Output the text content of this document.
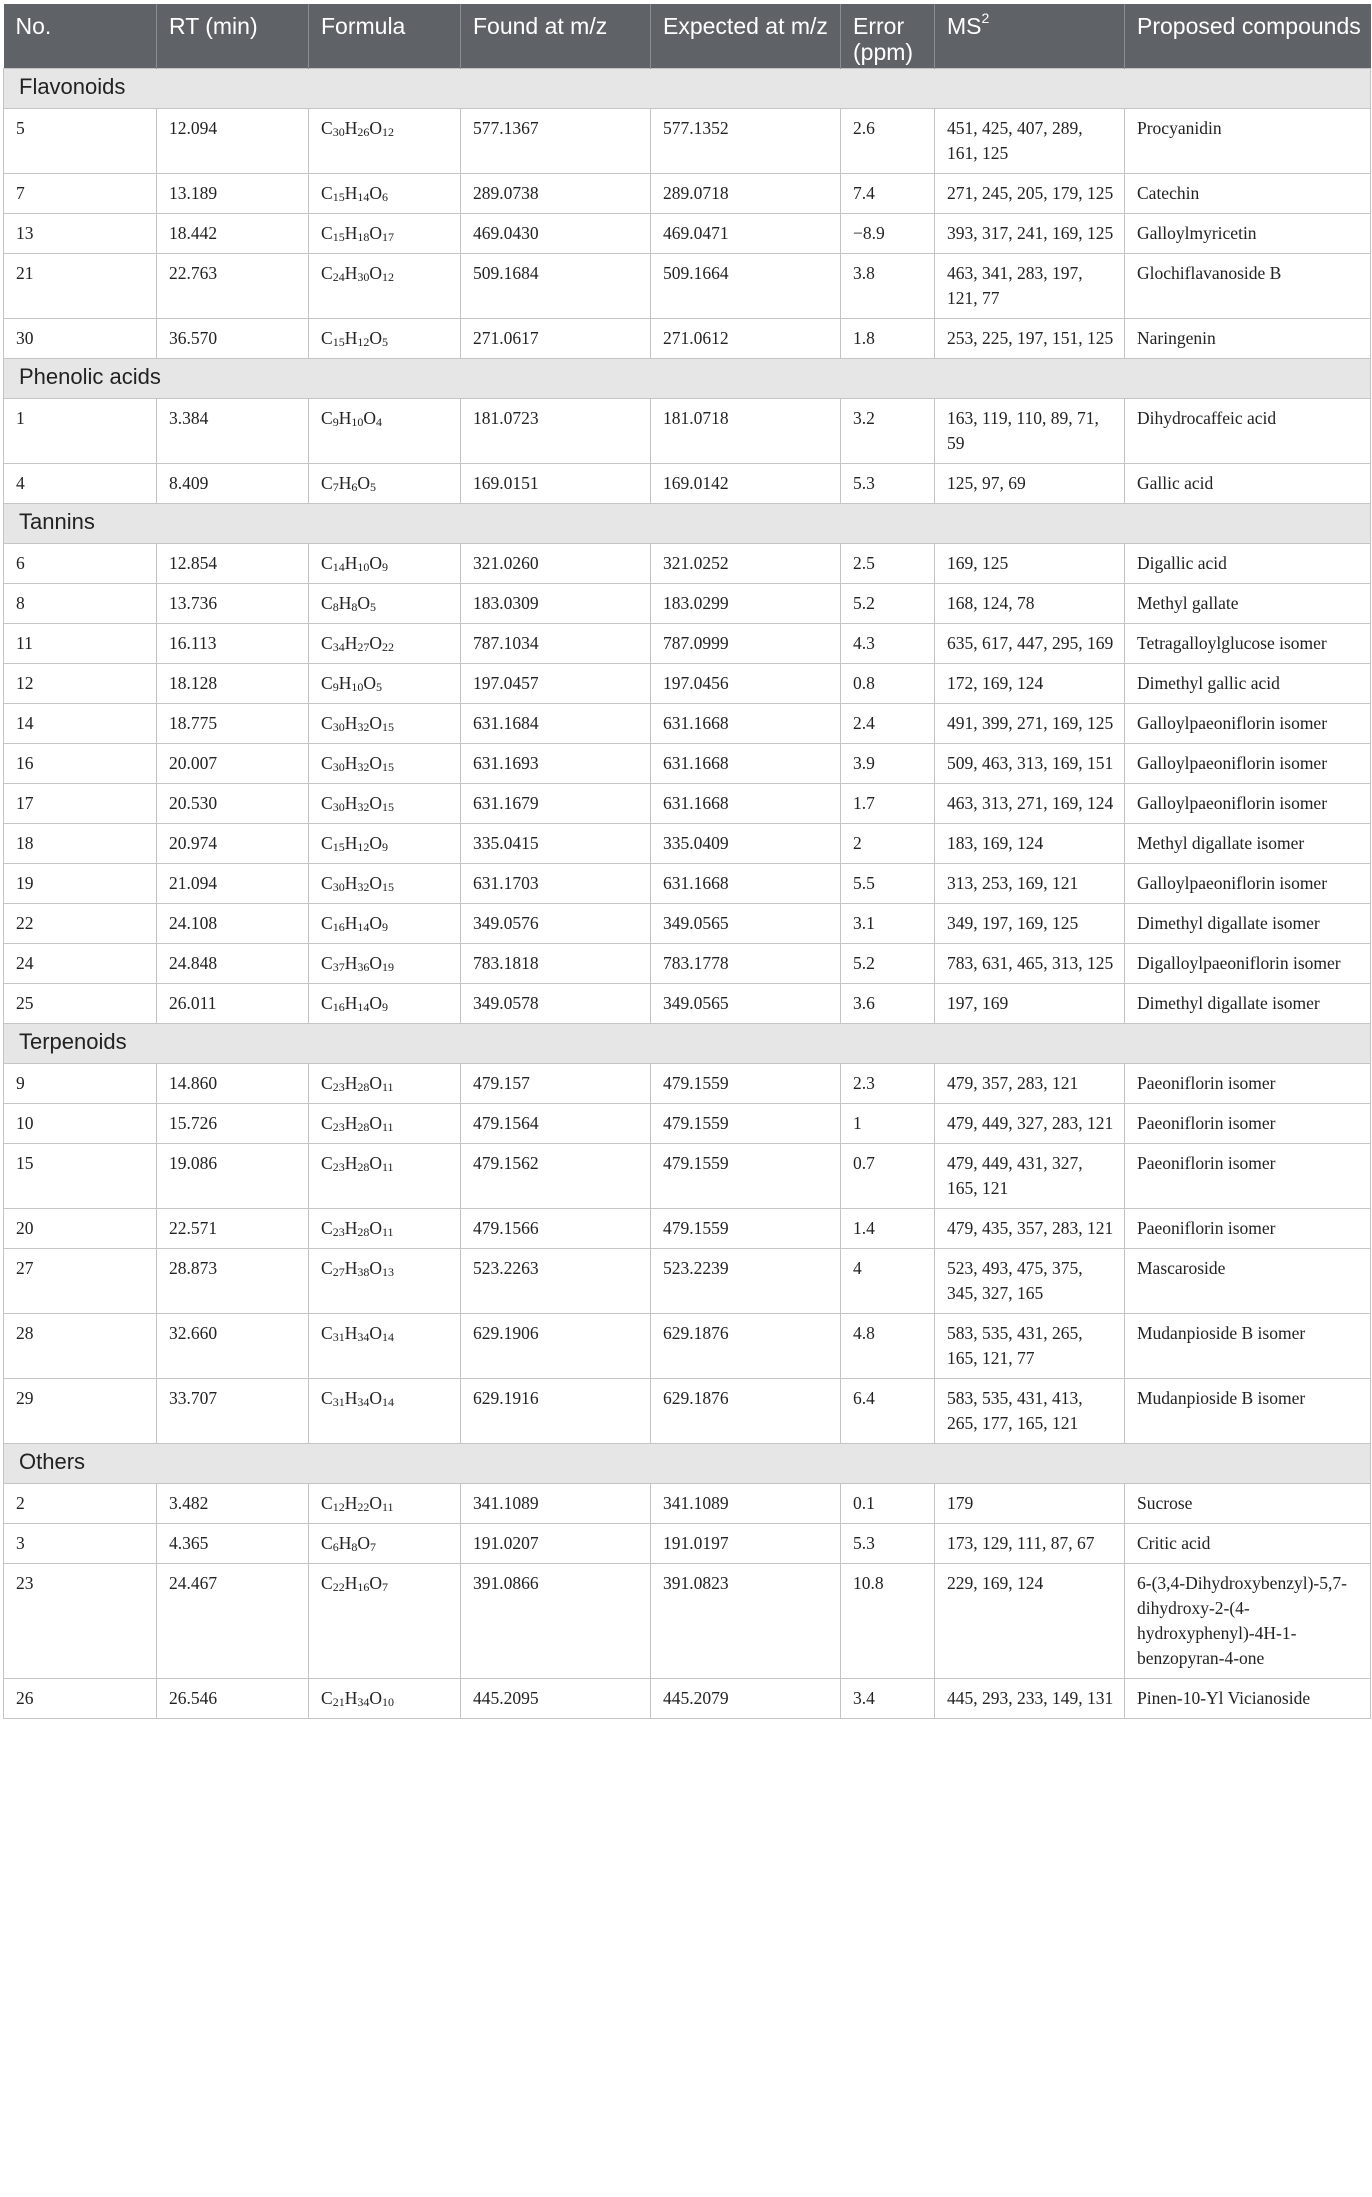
No.	RT (min)	Formula	Found at m/z	Expected at m/z	Error (ppm)	$MS^2$	Proposed compounds
Flavonoids							
5	12.094	$C_{30}H_{26}O_{12}$	577.1367	577.1352	2.6	451, 425, 407, 289, 161, 125	Procyanidin
7	13.189	$C_{15}H_{14}O_6$	289.0738	289.0718	7.4	271, 245, 205, 179, 125	Catechin
13	18.442	$C_{15}H_{18}O_{17}$	469.0430	469.0471	−8.9	393, 317, 241, 169, 125	Galloylmyricetin
21	22.763	$C_{24}H_{30}O_{12}$	509.1684	509.1664	3.8	463, 341, 283, 197, 121, 77	Glochiflavanoside B
30	36.570	$C_{15}H_{12}O_5$	271.0617	271.0612	1.8	253, 225, 197, 151, 125	Naringenin
Phenolic acids							
1	3.384	$C_9H_{10}O_4$	181.0723	181.0718	3.2	163, 119, 110, 89, 71, 59	Dihydrocaffeic acid
4	8.409	$C_7H_6O_5$	169.0151	169.0142	5.3	125, 97, 69	Gallic acid
Tannins							
6	12.854	$C_{14}H_{10}O_9$	321.0260	321.0252	2.5	169, 125	Digallic acid
8	13.736	$C_8H_8O_5$	183.0309	183.0299	5.2	168, 124, 78	Methyl gallate
11	16.113	$C_{34}H_{27}O_{22}$	787.1034	787.0999	4.3	635, 617, 447, 295, 169	Tetragalloylglucose isomer
12	18.128	$C_9H_{10}O_5$	197.0457	197.0456	0.8	172, 169, 124	Dimethyl gallic acid
14	18.775	$C_{30}H_{32}O_{15}$	631.1684	631.1668	2.4	491, 399, 271, 169, 125	Galloylpaeoniflorin isomer
16	20.007	$C_{30}H_{32}O_{15}$	631.1693	631.1668	3.9	509, 463, 313, 169, 151	Galloylpaeoniflorin isomer
17	20.530	$C_{30}H_{32}O_{15}$	631.1679	631.1668	1.7	463, 313, 271, 169, 124	Galloylpaeoniflorin isomer
18	20.974	$C_{15}H_{12}O_9$	335.0415	335.0409	2	183, 169, 124	Methyl digallate isomer
19	21.094	$C_{30}H_{32}O_{15}$	631.1703	631.1668	5.5	313, 253, 169, 121	Galloylpaeoniflorin isomer
22	24.108	$C_{16}H_{14}O_9$	349.0576	349.0565	3.1	349, 197, 169, 125	Dimethyl digallate isomer
24	24.848	$C_{37}H_{36}O_{19}$	783.1818	783.1778	5.2	783, 631, 465, 313, 125	Digalloylpaeoniflorin isomer
25	26.011	$C_{16}H_{14}O_9$	349.0578	349.0565	3.6	197, 169	Dimethyl digallate isomer
Terpenoids							
9	14.860	$C_{23}H_{28}O_{11}$	479.157	479.1559	2.3	479, 357, 283, 121	Paeoniflorin isomer
10	15.726	$C_{23}H_{28}O_{11}$	479.1564	479.1559	1	479, 449, 327, 283, 121	Paeoniflorin isomer
15	19.086	$C_{23}H_{28}O_{11}$	479.1562	479.1559	0.7	479, 449, 431, 327, 165, 121	Paeoniflorin isomer
20	22.571	$C_{23}H_{28}O_{11}$	479.1566	479.1559	1.4	479, 435, 357, 283, 121	Paeoniflorin isomer
27	28.873	$C_{27}H_{38}O_{13}$	523.2263	523.2239	4	523, 493, 475, 375, 345, 327, 165	Mascaroside
28	32.660	$C_{31}H_{34}O_{14}$	629.1906	629.1876	4.8	583, 535, 431, 265, 165, 121, 77	Mudanpioside B isomer
29	33.707	$C_{31}H_{34}O_{14}$	629.1916	629.1876	6.4	583, 535, 431, 413, 265, 177, 165, 121	Mudanpioside B isomer
Others							
2	3.482	$C_{12}H_{22}O_{11}$	341.1089	341.1089	0.1	179	Sucrose
3	4.365	$C_6H_8O_7$	191.0207	191.0197	5.3	173, 129, 111, 87, 67	Critic acid
23	24.467	$C_{22}H_{16}O_7$	391.0866	391.0823	10.8	229, 169, 124	6-(3,4-Dihydroxybenzyl)-5,7-dihydroxy-2-(4-hydroxyphenyl)-4H-1-benzopyran-4-one
26	26.546	$C_{21}H_{34}O_{10}$	445.2095	445.2079	3.4	445, 293, 233, 149, 131	Pinen-10-Yl Vicianoside
